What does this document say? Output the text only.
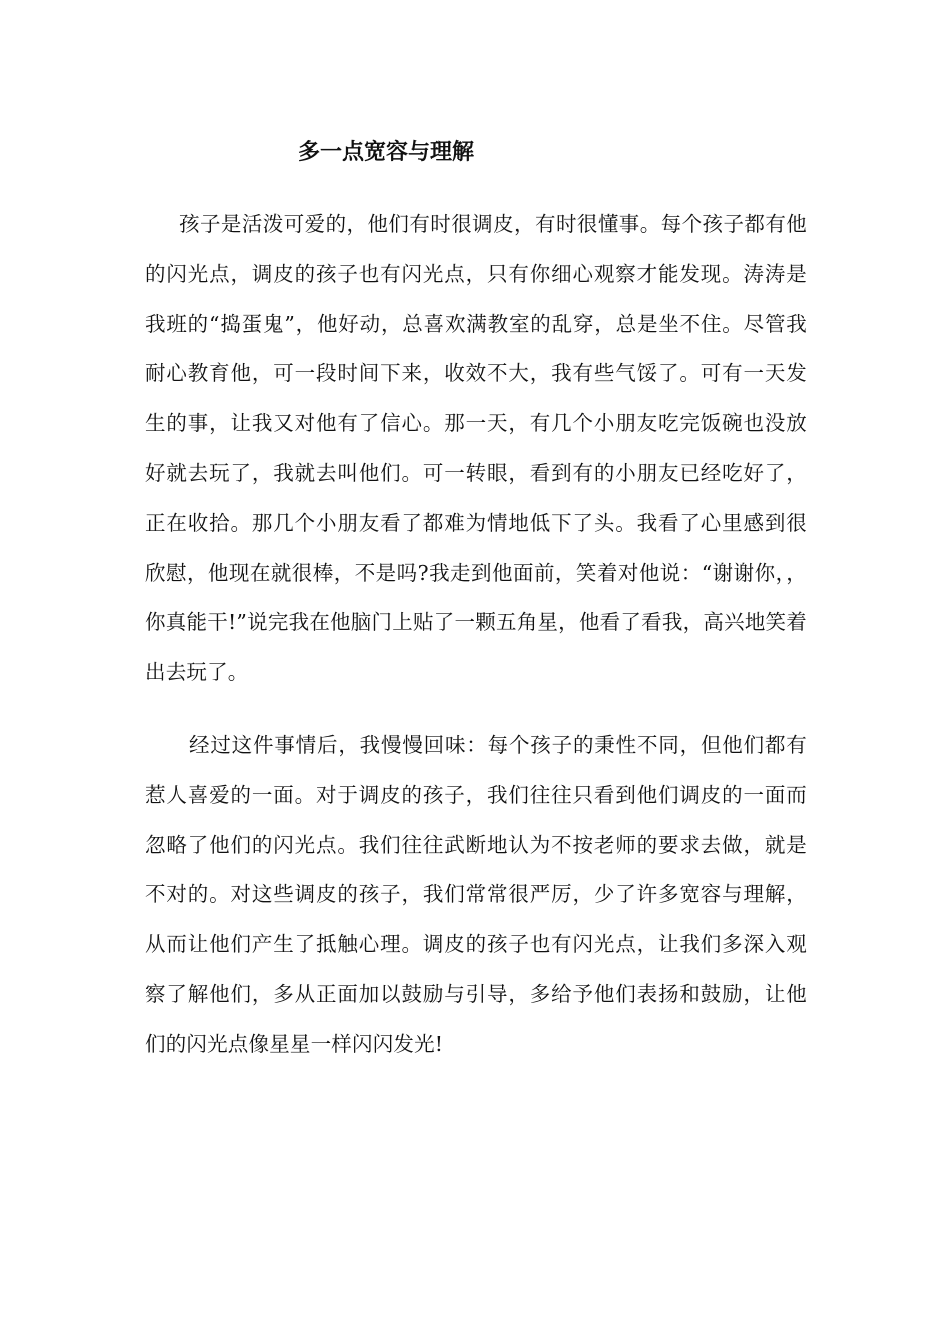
多一点宽容与理解

孩子是活泼可爱的，他们有时很调皮，有时很懂事。每个孩子都有他的闪光点，调皮的孩子也有闪光点，只有你细心观察才能发现。涛涛是我班的“捣蛋鬼”，他好动，总喜欢满教室的乱穿，总是坐不住。尽管我耐心教育他，可一段时间下来，收效不大，我有些气馁了。可有一天发生的事，让我又对他有了信心。那一天，有几个小朋友吃完饭碗也没放好就去玩了，我就去叫他们。可一转眼，看到有的小朋友已经吃好了，正在收拾。那几个小朋友看了都难为情地低下了头。我看了心里感到很欣慰，他现在就很棒，不是吗?我走到他面前，笑着对他说：“谢谢你，，你真能干!”说完我在他脑门上贴了一颗五角星，他看了看我，高兴地笑着出去玩了。

经过这件事情后，我慢慢回味：每个孩子的秉性不同，但他们都有惹人喜爱的一面。对于调皮的孩子，我们往往只看到他们调皮的一面而忽略了他们的闪光点。我们往往武断地认为不按老师的要求去做，就是不对的。对这些调皮的孩子，我们常常很严厉，少了许多宽容与理解，从而让他们产生了抵触心理。调皮的孩子也有闪光点，让我们多深入观察了解他们，多从正面加以鼓励与引导，多给予他们表扬和鼓励，让他们的闪光点像星星一样闪闪发光!
